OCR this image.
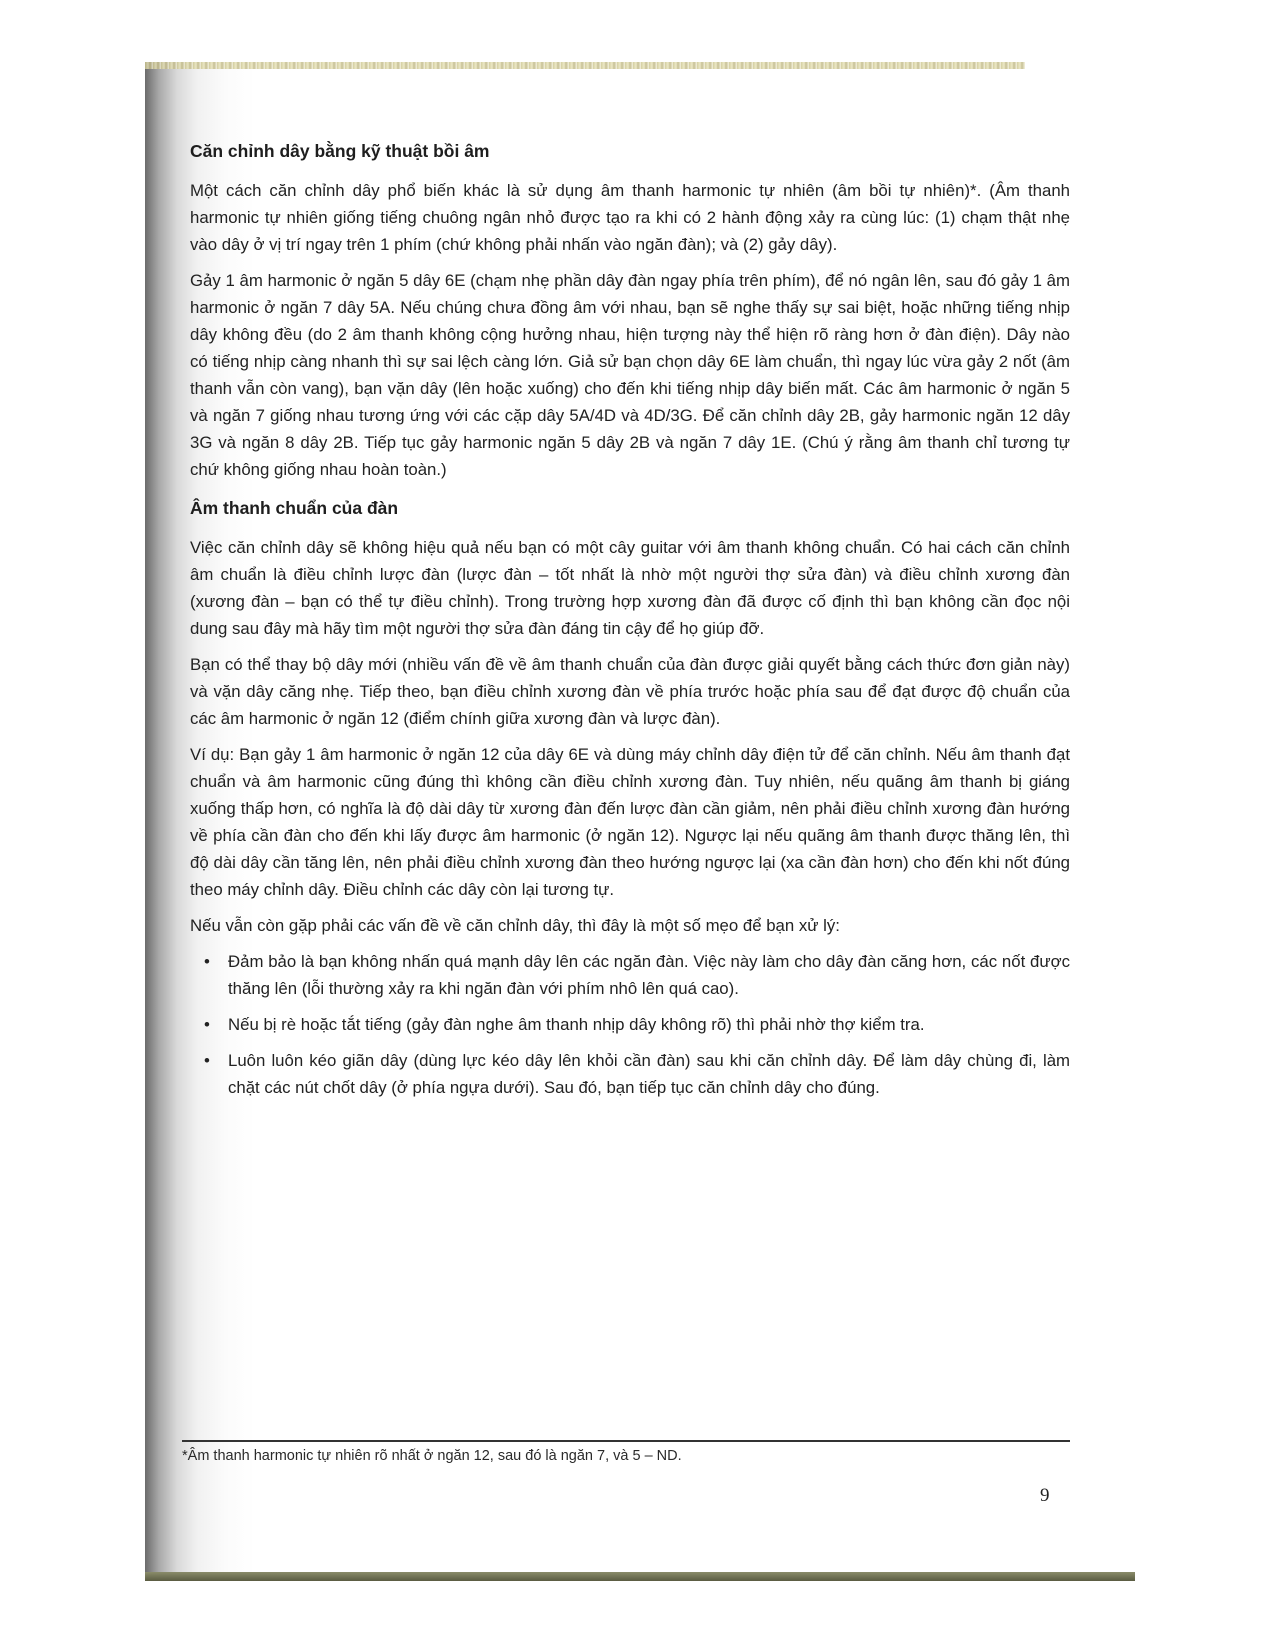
Căn chỉnh dây bằng kỹ thuật bồi âm

Một cách căn chỉnh dây phổ biến khác là sử dụng âm thanh harmonic tự nhiên (âm bồi tự nhiên)*. (Âm thanh harmonic tự nhiên giống tiếng chuông ngân nhỏ được tạo ra khi có 2 hành động xảy ra cùng lúc: (1) chạm thật nhẹ vào dây ở vị trí ngay trên 1 phím (chứ không phải nhấn vào ngăn đàn); và (2) gảy dây).

Gảy 1 âm harmonic ở ngăn 5 dây 6E (chạm nhẹ phần dây đàn ngay phía trên phím), để nó ngân lên, sau đó gảy 1 âm harmonic ở ngăn 7 dây 5A. Nếu chúng chưa đồng âm với nhau, bạn sẽ nghe thấy sự sai biệt, hoặc những tiếng nhịp dây không đều (do 2 âm thanh không cộng hưởng nhau, hiện tượng này thể hiện rõ ràng hơn ở đàn điện). Dây nào có tiếng nhịp càng nhanh thì sự sai lệch càng lớn. Giả sử bạn chọn dây 6E làm chuẩn, thì ngay lúc vừa gảy 2 nốt (âm thanh vẫn còn vang), bạn vặn dây (lên hoặc xuống) cho đến khi tiếng nhịp dây biến mất. Các âm harmonic ở ngăn 5 và ngăn 7 giống nhau tương ứng với các cặp dây 5A/4D và 4D/3G. Để căn chỉnh dây 2B, gảy harmonic ngăn 12 dây 3G và ngăn 8 dây 2B. Tiếp tục gảy harmonic ngăn 5 dây 2B và ngăn 7 dây 1E. (Chú ý rằng âm thanh chỉ tương tự chứ không giống nhau hoàn toàn.)

Âm thanh chuẩn của đàn

Việc căn chỉnh dây sẽ không hiệu quả nếu bạn có một cây guitar với âm thanh không chuẩn. Có hai cách căn chỉnh âm chuẩn là điều chỉnh lược đàn (lược đàn – tốt nhất là nhờ một người thợ sửa đàn) và điều chỉnh xương đàn (xương đàn – bạn có thể tự điều chỉnh). Trong trường hợp xương đàn đã được cố định thì bạn không cần đọc nội dung sau đây mà hãy tìm một người thợ sửa đàn đáng tin cậy để họ giúp đỡ.

Bạn có thể thay bộ dây mới (nhiều vấn đề về âm thanh chuẩn của đàn được giải quyết bằng cách thức đơn giản này) và vặn dây căng nhẹ. Tiếp theo, bạn điều chỉnh xương đàn về phía trước hoặc phía sau để đạt được độ chuẩn của các âm harmonic ở ngăn 12 (điểm chính giữa xương đàn và lược đàn).

Ví dụ: Bạn gảy 1 âm harmonic ở ngăn 12 của dây 6E và dùng máy chỉnh dây điện tử để căn chỉnh. Nếu âm thanh đạt chuẩn và âm harmonic cũng đúng thì không cần điều chỉnh xương đàn. Tuy nhiên, nếu quãng âm thanh bị giáng xuống thấp hơn, có nghĩa là độ dài dây từ xương đàn đến lược đàn cần giảm, nên phải điều chỉnh xương đàn hướng về phía cần đàn cho đến khi lấy được âm harmonic (ở ngăn 12). Ngược lại nếu quãng âm thanh được thăng lên, thì độ dài dây cần tăng lên, nên phải điều chỉnh xương đàn theo hướng ngược lại (xa cần đàn hơn) cho đến khi nốt đúng theo máy chỉnh dây. Điều chỉnh các dây còn lại tương tự.

Nếu vẫn còn gặp phải các vấn đề về căn chỉnh dây, thì đây là một số mẹo để bạn xử lý:

• Đảm bảo là bạn không nhấn quá mạnh dây lên các ngăn đàn. Việc này làm cho dây đàn căng hơn, các nốt được thăng lên (lỗi thường xảy ra khi ngăn đàn với phím nhô lên quá cao).
• Nếu bị rè hoặc tắt tiếng (gảy đàn nghe âm thanh nhịp dây không rõ) thì phải nhờ thợ kiểm tra.
• Luôn luôn kéo giãn dây (dùng lực kéo dây lên khỏi cần đàn) sau khi căn chỉnh dây. Để làm dây chùng đi, làm chặt các nút chốt dây (ở phía ngựa dưới). Sau đó, bạn tiếp tục căn chỉnh dây cho đúng.
*Âm thanh harmonic tự nhiên rõ nhất ở ngăn 12, sau đó là ngăn 7, và 5 – ND.
9
